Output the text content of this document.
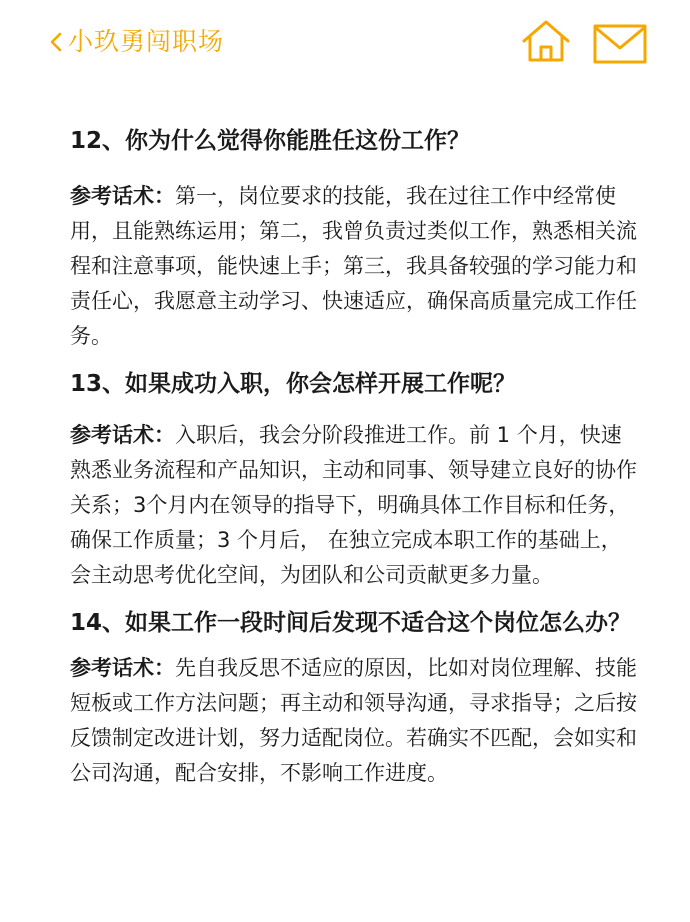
小玖勇闯职场

12、你为什么觉得你能胜任这份工作？

参考话术：第一，岗位要求的技能，我在过往工作中经常使用，且能熟练运用；第二，我曾负责过类似工作，熟悉相关流程和注意事项，能快速上手；第三，我具备较强的学习能力和责任心，我愿意主动学习、快速适应，确保高质量完成工作任务。

13、如果成功入职，你会怎样开展工作呢？

参考话术：入职后，我会分阶段推进工作。前 1 个月，快速熟悉业务流程和产品知识，主动和同事、领导建立良好的协作关系；3个月内在领导的指导下，明确具体工作目标和任务，确保工作质量；3 个月后， 在独立完成本职工作的基础上，会主动思考优化空间，为团队和公司贡献更多力量。

14、如果工作一段时间后发现不适合这个岗位怎么办？

参考话术：先自我反思不适应的原因，比如对岗位理解、技能短板或工作方法问题；再主动和领导沟通，寻求指导；之后按反馈制定改进计划，努力适配岗位。若确实不匹配，会如实和公司沟通，配合安排，不影响工作进度。
